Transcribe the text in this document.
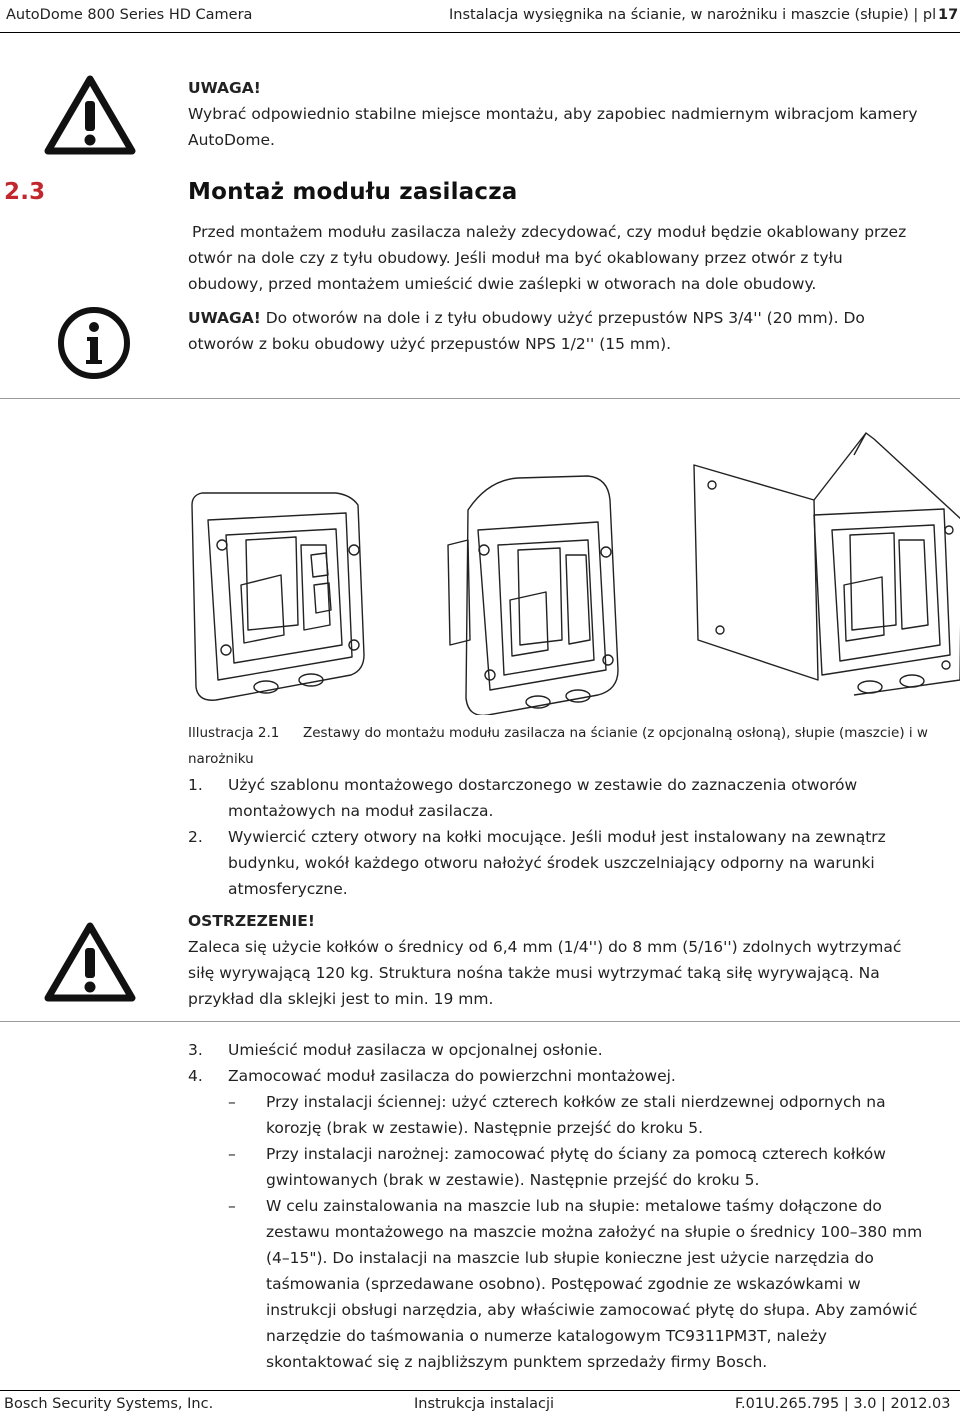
AutoDome 800 Series HD Camera	Instalacja wysięgnika na ścianie, w narożniku i maszcie (słupie) | pl 17
UWAGA!
Wybrać odpowiednio stabilne miejsce montażu, aby zapobiec nadmiernym wibracjom kamery
AutoDome.
2.3	Montaż modułu zasilacza
Przed montażem modułu zasilacza należy zdecydować, czy moduł będzie okablowany przez
otwór na dole czy z tyłu obudowy. Jeśli moduł ma być okablowany przez otwór z tyłu
obudowy, przed montażem umieścić dwie zaślepki w otworach na dole obudowy.
UWAGA! Do otworów na dole i z tyłu obudowy użyć przepustów NPS 3/4'' (20 mm). Do
otworów z boku obudowy użyć przepustów NPS 1/2'' (15 mm).
Illustracja 2.1 Zestawy do montażu modułu zasilacza na ścianie (z opcjonalną osłoną), słupie (maszcie) i w
narożniku
1. Użyć szablonu montażowego dostarczonego w zestawie do zaznaczenia otworów
montażowych na moduł zasilacza.
2. Wywiercić cztery otwory na kołki mocujące. Jeśli moduł jest instalowany na zewnątrz
budynku, wokół każdego otworu nałożyć środek uszczelniający odporny na warunki
atmosferyczne.
OSTRZEZENIE!
Zaleca się użycie kołków o średnicy od 6,4 mm (1/4'') do 8 mm (5/16'') zdolnych wytrzymać
siłę wyrywającą 120 kg. Struktura nośna także musi wytrzymać taką siłę wyrywającą. Na
przykład dla sklejki jest to min. 19 mm.
3. Umieścić moduł zasilacza w opcjonalnej osłonie.
4. Zamocować moduł zasilacza do powierzchni montażowej.
– Przy instalacji ściennej: użyć czterech kołków ze stali nierdzewnej odpornych na
korozję (brak w zestawie). Następnie przejść do kroku 5.
– Przy instalacji narożnej: zamocować płytę do ściany za pomocą czterech kołków
gwintowanych (brak w zestawie). Następnie przejść do kroku 5.
– W celu zainstalowania na maszcie lub na słupie: metalowe taśmy dołączone do
zestawu montażowego na maszcie można założyć na słupie o średnicy 100–380 mm
(4–15"). Do instalacji na maszcie lub słupie konieczne jest użycie narzędzia do
taśmowania (sprzedawane osobno). Postępować zgodnie ze wskazówkami w
instrukcji obsługi narzędzia, aby właściwie zamocować płytę do słupa. Aby zamówić
narzędzie do taśmowania o numerze katalogowym TC9311PM3T, należy
skontaktować się z najbliższym punktem sprzedaży firmy Bosch.
Bosch Security Systems, Inc.	Instrukcja instalacji	F.01U.265.795 | 3.0 | 2012.03
